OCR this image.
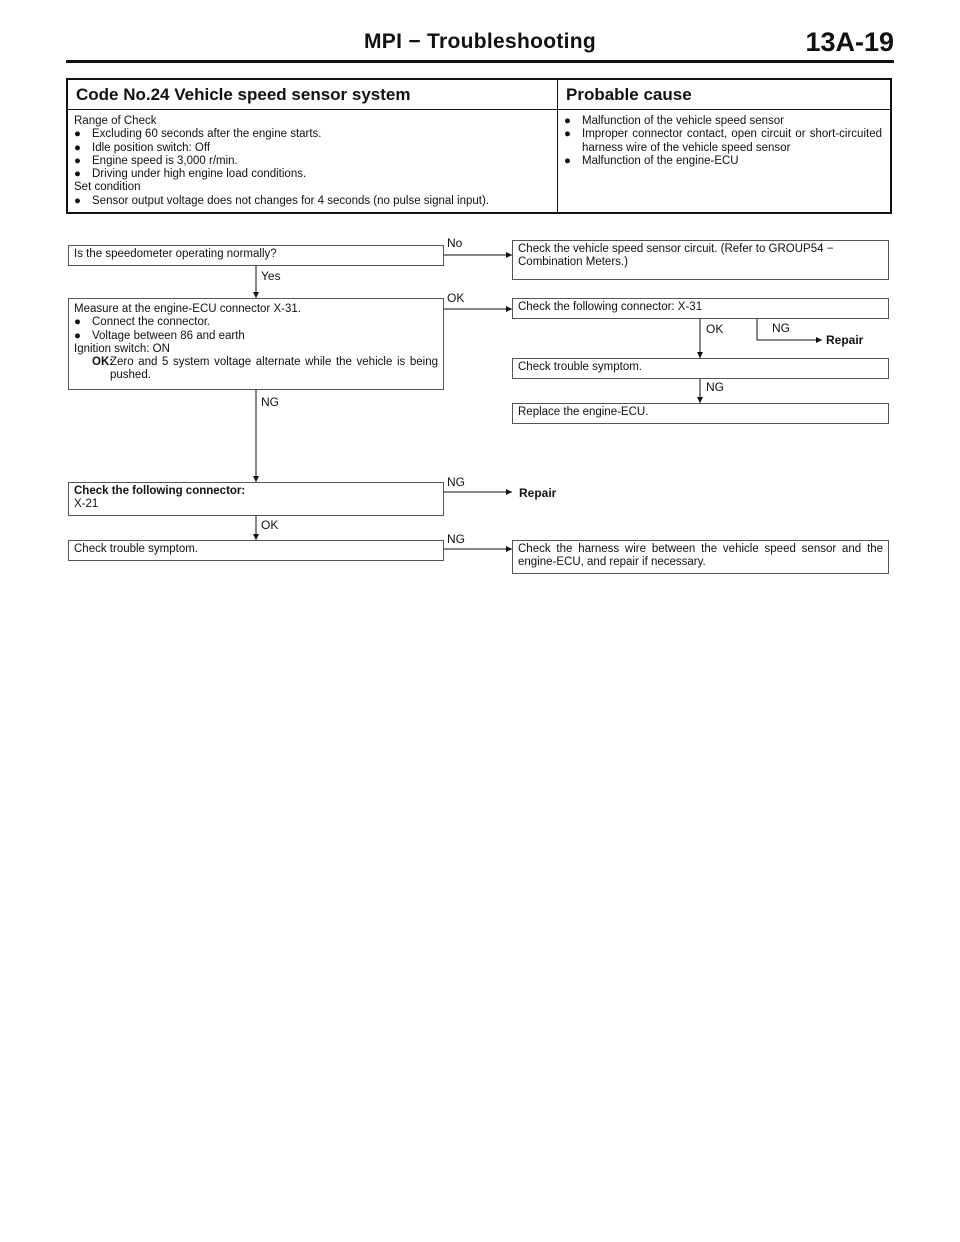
MPI − Troubleshooting	13A-19
Code No.24 Vehicle speed sensor system
Range of Check
● Excluding 60 seconds after the engine starts.
● Idle position switch: Off
● Engine speed is 3,000 r/min.
● Driving under high engine load conditions.
Set condition
● Sensor output voltage does not changes for 4 seconds (no pulse signal input).
Probable cause
● Malfunction of the vehicle speed sensor
● Improper connector contact, open circuit or short-circuited harness wire of the vehicle speed sensor
● Malfunction of the engine-ECU
Is the speedometer operating normally?
No	Check the vehicle speed sensor circuit. (Refer to GROUP54 − Combination Meters.)
Yes
Measure at the engine-ECU connector X-31.
● Connect the connector.
● Voltage between 86 and earth
Ignition switch: ON
OK:
Zero and 5 system voltage alternate while the vehicle is being pushed.
OK
Check the following connector: X-31
OK	NG
Repair
Check trouble symptom.
NG
Replace the engine-ECU.
NG
Check the following connector:
X-21
NG
Repair
OK
Check trouble symptom.
NG
Check the harness wire between the vehicle speed sensor and the engine-ECU, and repair if necessary.
